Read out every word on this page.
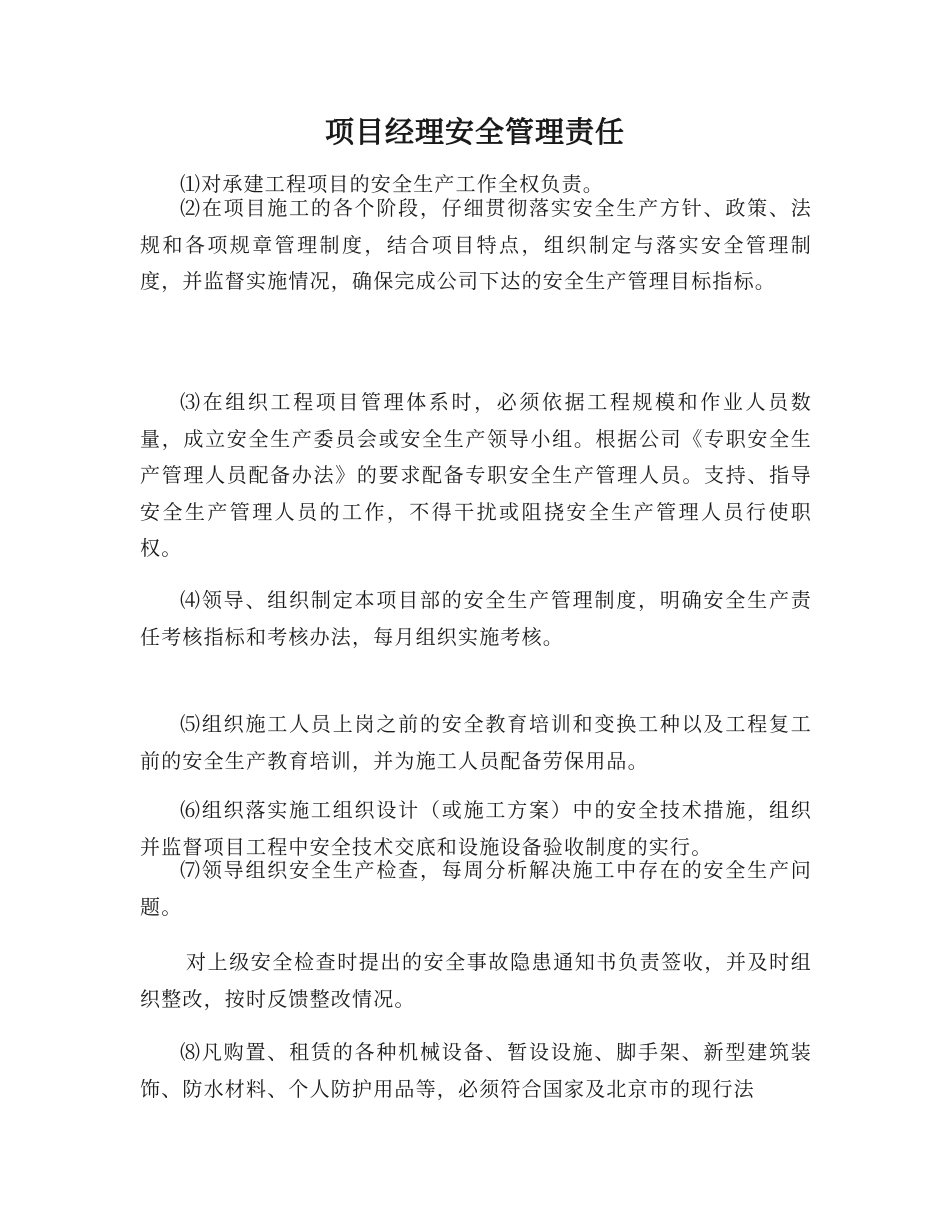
项目经理安全管理责任

⑴对承建工程项目的安全生产工作全权负责。

⑵在项目施工的各个阶段，仔细贯彻落实安全生产方针、政策、法规和各项规章管理制度，结合项目特点，组织制定与落实安全管理制度，并监督实施情况，确保完成公司下达的安全生产管理目标指标。

⑶在组织工程项目管理体系时，必须依据工程规模和作业人员数量，成立安全生产委员会或安全生产领导小组。根据公司《专职安全生产管理人员配备办法》的要求配备专职安全生产管理人员。支持、指导安全生产管理人员的工作，不得干扰或阻挠安全生产管理人员行使职权。

⑷领导、组织制定本项目部的安全生产管理制度，明确安全生产责任考核指标和考核办法，每月组织实施考核。

⑸组织施工人员上岗之前的安全教育培训和变换工种以及工程复工前的安全生产教育培训，并为施工人员配备劳保用品。

⑹组织落实施工组织设计（或施工方案）中的安全技术措施，组织并监督项目工程中安全技术交底和设施设备验收制度的实行。

⑺领导组织安全生产检查，每周分析解决施工中存在的安全生产问题。

对上级安全检查时提出的安全事故隐患通知书负责签收，并及时组织整改，按时反馈整改情况。

⑻凡购置、租赁的各种机械设备、暂设设施、脚手架、新型建筑装饰、防水材料、个人防护用品等，必须符合国家及北京市的现行法
